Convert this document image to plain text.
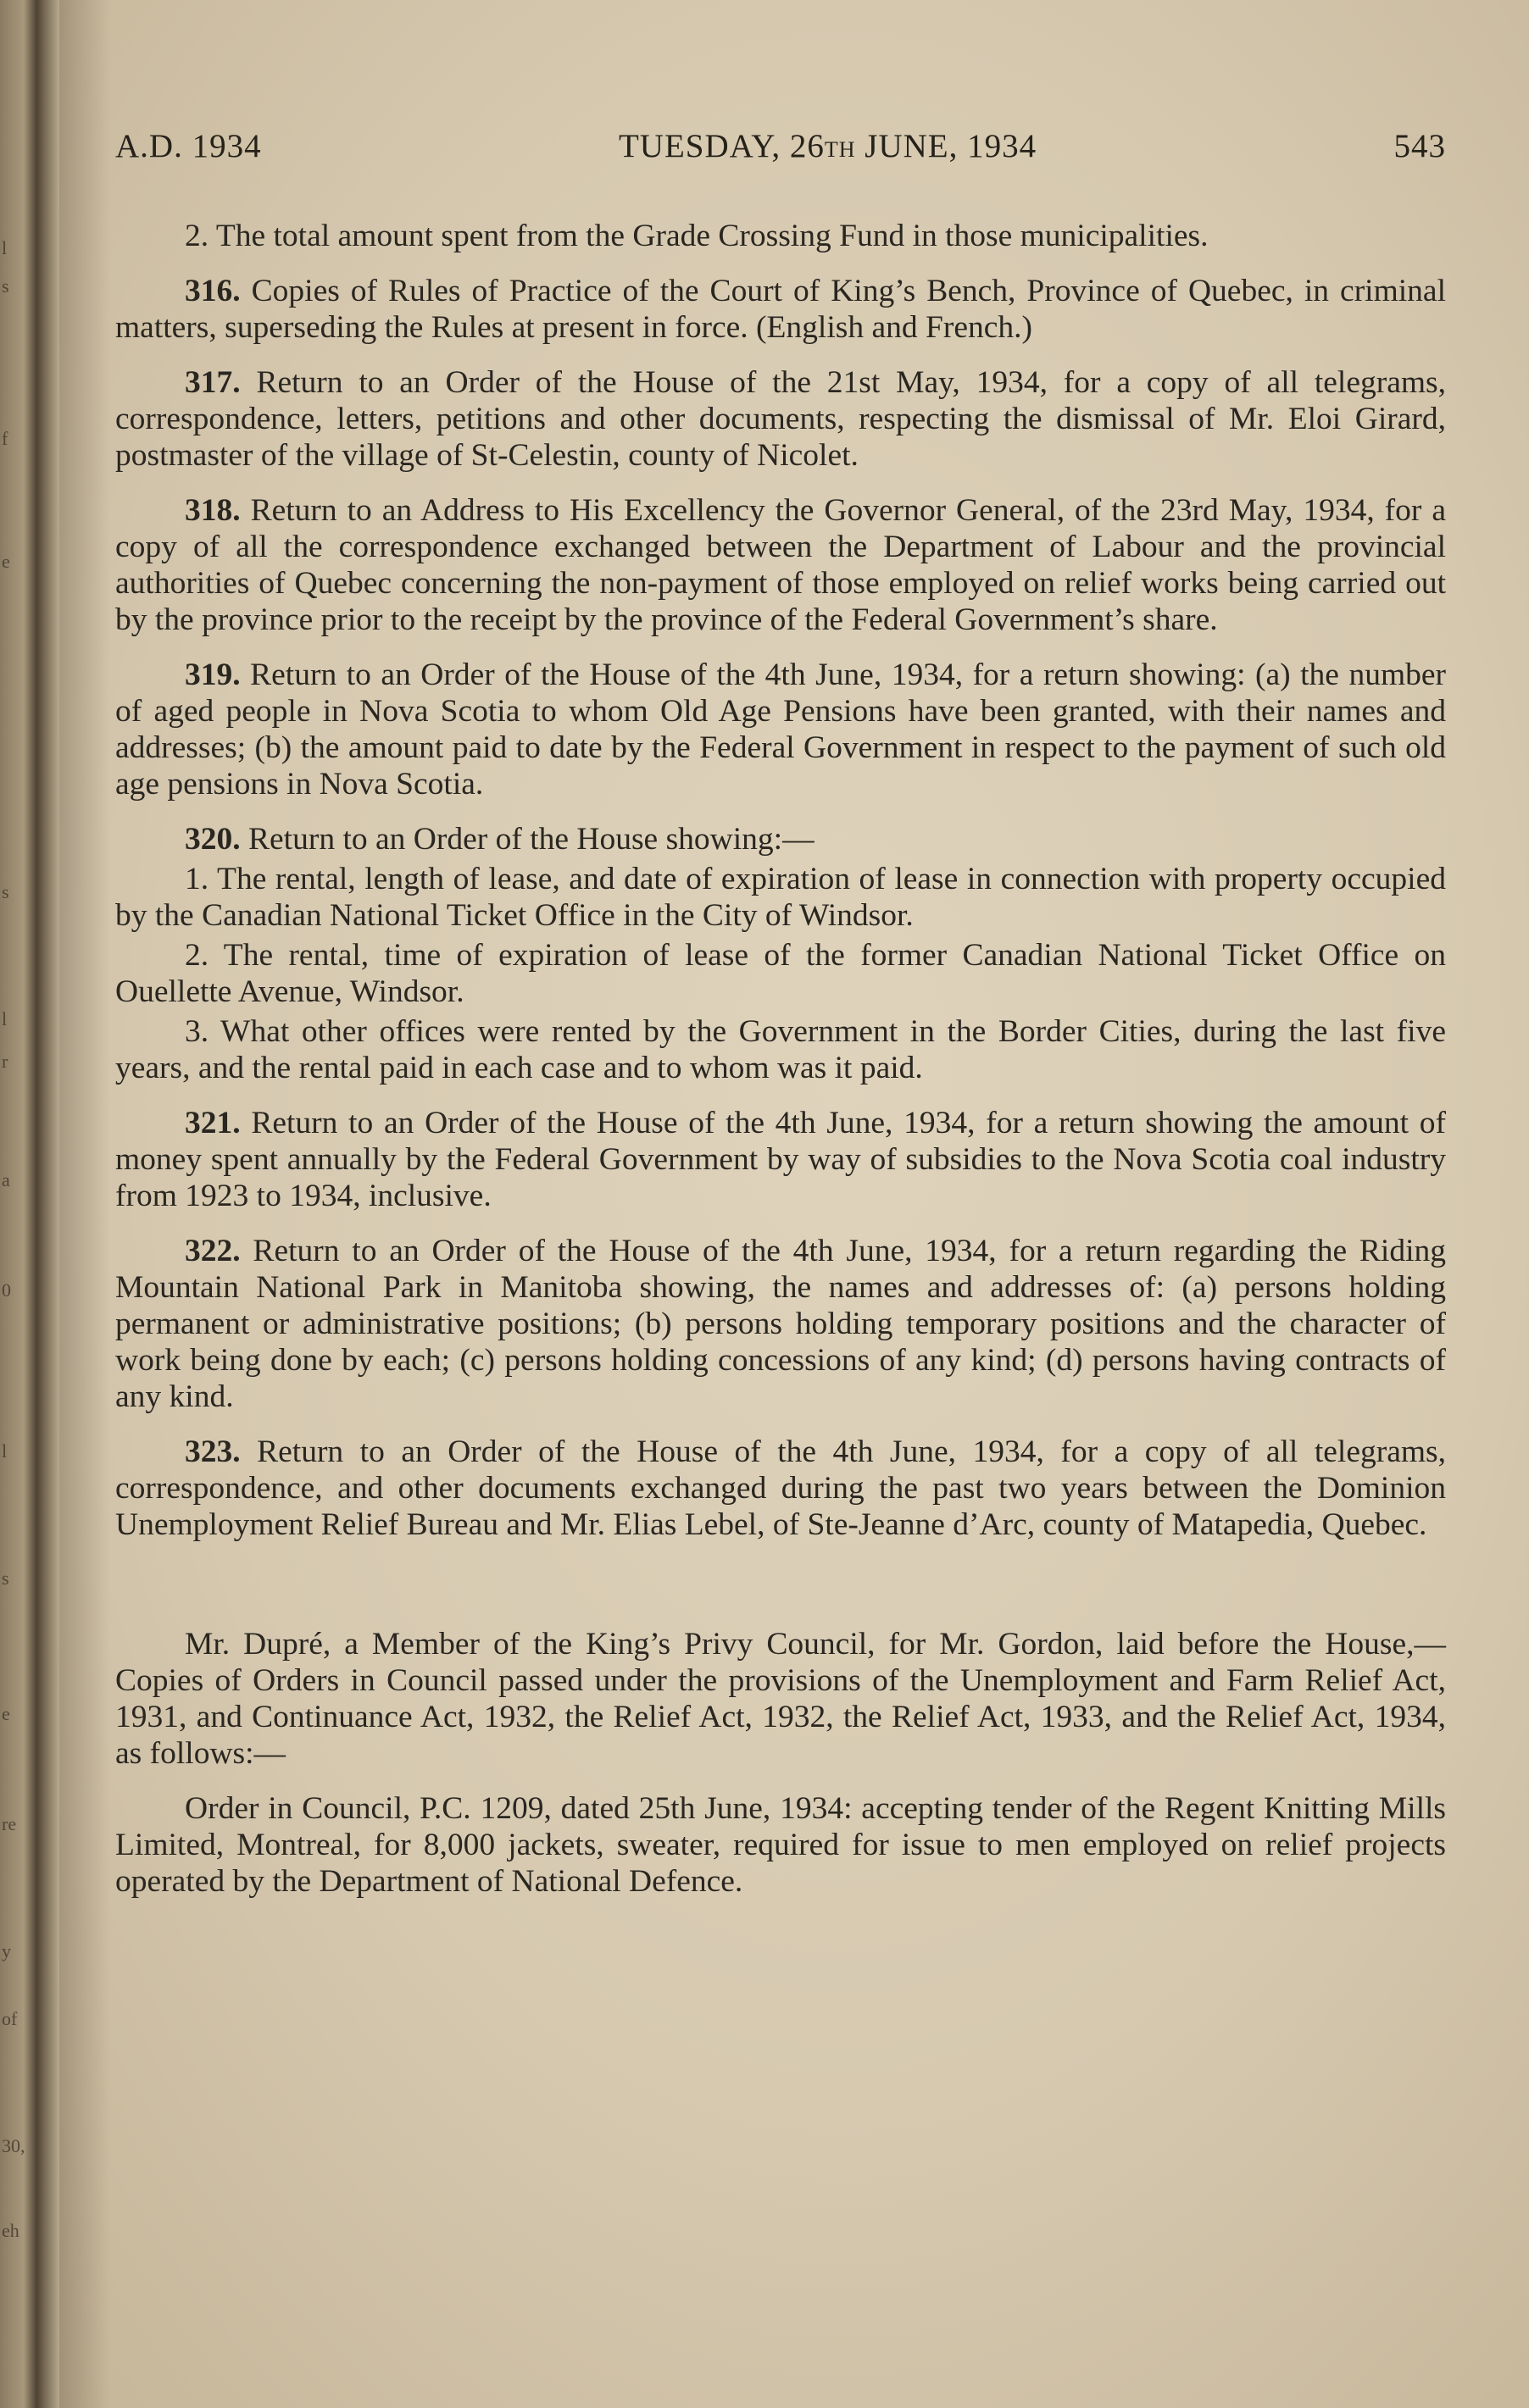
l
s
f
e
s
l
r
a
0
l
s
e
re
y
of
30,
eh
A.D. 1934	TUESDAY, 26TH JUNE, 1934	543

2. The total amount spent from the Grade Crossing Fund in those municipalities.

316. Copies of Rules of Practice of the Court of King’s Bench, Province of Quebec, in criminal matters, superseding the Rules at present in force. (English and French.)

317. Return to an Order of the House of the 21st May, 1934, for a copy of all telegrams, correspondence, letters, petitions and other documents, respecting the dismissal of Mr. Eloi Girard, postmaster of the village of St-Celestin, county of Nicolet.

318. Return to an Address to His Excellency the Governor General, of the 23rd May, 1934, for a copy of all the correspondence exchanged between the Department of Labour and the provincial authorities of Quebec concerning the non-payment of those employed on relief works being carried out by the province prior to the receipt by the province of the Federal Government’s share.

319. Return to an Order of the House of the 4th June, 1934, for a return showing: (a) the number of aged people in Nova Scotia to whom Old Age Pensions have been granted, with their names and addresses; (b) the amount paid to date by the Federal Government in respect to the payment of such old age pensions in Nova Scotia.

320. Return to an Order of the House showing:—

1. The rental, length of lease, and date of expiration of lease in connection with property occupied by the Canadian National Ticket Office in the City of Windsor.

2. The rental, time of expiration of lease of the former Canadian National Ticket Office on Ouellette Avenue, Windsor.

3. What other offices were rented by the Government in the Border Cities, during the last five years, and the rental paid in each case and to whom was it paid.

321. Return to an Order of the House of the 4th June, 1934, for a return showing the amount of money spent annually by the Federal Government by way of subsidies to the Nova Scotia coal industry from 1923 to 1934, inclusive.

322. Return to an Order of the House of the 4th June, 1934, for a return regarding the Riding Mountain National Park in Manitoba showing, the names and addresses of: (a) persons holding permanent or administrative positions; (b) persons holding temporary positions and the character of work being done by each; (c) persons holding concessions of any kind; (d) persons having contracts of any kind.

323. Return to an Order of the House of the 4th June, 1934, for a copy of all telegrams, correspondence, and other documents exchanged during the past two years between the Dominion Unemployment Relief Bureau and Mr. Elias Lebel, of Ste-Jeanne d’Arc, county of Matapedia, Quebec.

Mr. Dupré, a Member of the King’s Privy Council, for Mr. Gordon, laid before the House,—Copies of Orders in Council passed under the provisions of the Unemployment and Farm Relief Act, 1931, and Continuance Act, 1932, the Relief Act, 1932, the Relief Act, 1933, and the Relief Act, 1934, as follows:—

Order in Council, P.C. 1209, dated 25th June, 1934: accepting tender of the Regent Knitting Mills Limited, Montreal, for 8,000 jackets, sweater, required for issue to men employed on relief projects operated by the Department of National Defence.
